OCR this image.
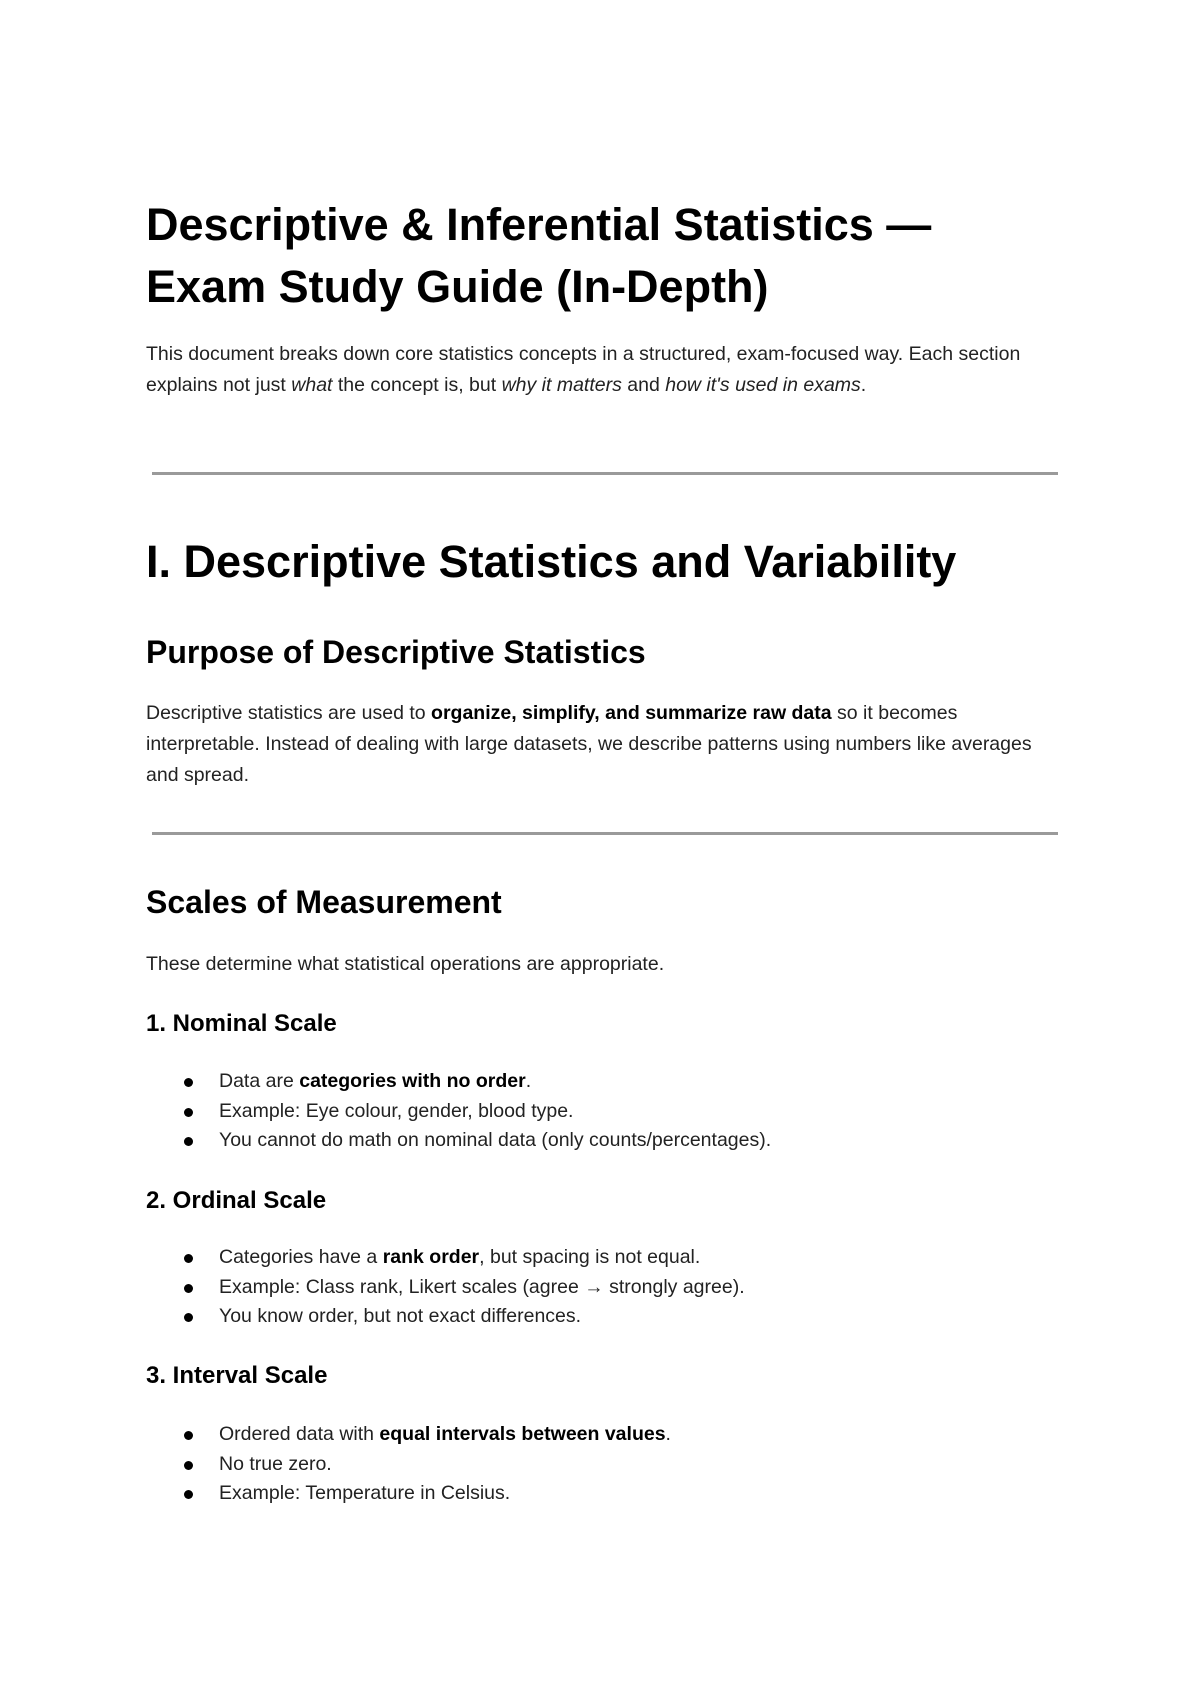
Descriptive & Inferential Statistics —
Exam Study Guide (In-Depth)

This document breaks down core statistics concepts in a structured, exam-focused way. Each section explains not just what the concept is, but why it matters and how it's used in exams.

I. Descriptive Statistics and Variability
Purpose of Descriptive Statistics

Descriptive statistics are used to organize, simplify, and summarize raw data so it becomes interpretable. Instead of dealing with large datasets, we describe patterns using numbers like averages and spread.

Scales of Measurement

These determine what statistical operations are appropriate.

1. Nominal Scale
Data are categories with no order.
Example: Eye colour, gender, blood type.
You cannot do math on nominal data (only counts/percentages).
2. Ordinal Scale
Categories have a rank order, but spacing is not equal.
Example: Class rank, Likert scales (agree → strongly agree).
You know order, but not exact differences.
3. Interval Scale
Ordered data with equal intervals between values.
No true zero.
Example: Temperature in Celsius.
